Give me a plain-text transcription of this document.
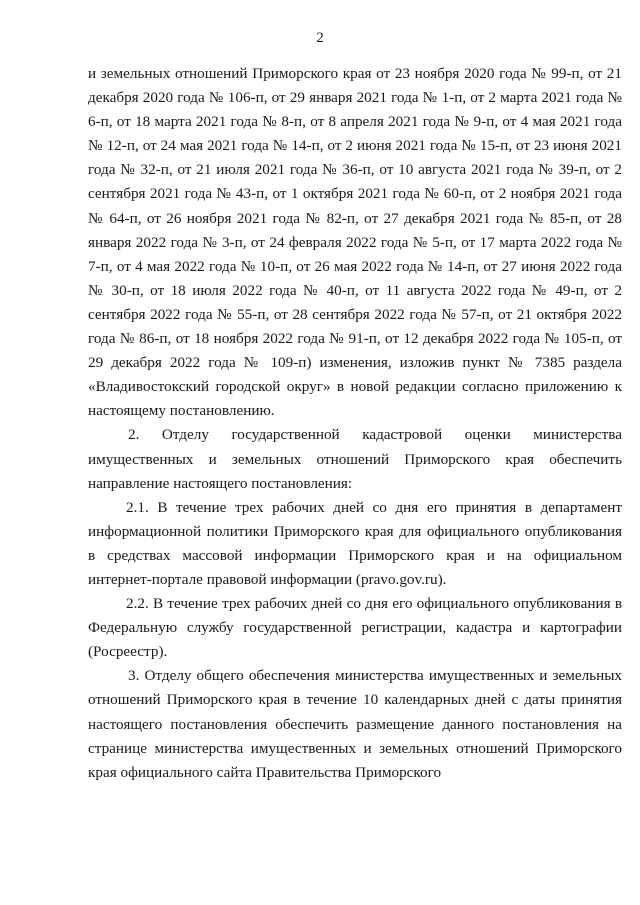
2

и земельных отношений Приморского края от 23 ноября 2020 года № 99-п, от 21 декабря 2020 года № 106-п, от 29 января 2021 года № 1-п, от 2 марта 2021 года № 6-п, от 18 марта 2021 года № 8-п, от 8 апреля 2021 года № 9-п, от 4 мая 2021 года № 12-п, от 24 мая 2021 года № 14-п, от 2 июня 2021 года № 15-п, от 23 июня 2021 года № 32-п, от 21 июля 2021 года № 36-п, от 10 августа 2021 года № 39-п, от 2 сентября 2021 года № 43-п, от 1 октября 2021 года № 60-п, от 2 ноября 2021 года № 64-п, от 26 ноября 2021 года № 82-п, от 27 декабря 2021 года № 85-п, от 28 января 2022 года № 3-п, от 24 февраля 2022 года № 5-п, от 17 марта 2022 года № 7-п, от 4 мая 2022 года № 10-п, от 26 мая 2022 года № 14-п, от 27 июня 2022 года № 30-п, от 18 июля 2022 года № 40-п, от 11 августа 2022 года № 49-п, от 2 сентября 2022 года № 55-п, от 28 сентября 2022 года № 57-п, от 21 октября 2022 года № 86-п, от 18 ноября 2022 года № 91-п, от 12 декабря 2022 года № 105-п, от 29 декабря 2022 года № 109-п) изменения, изложив пункт № 7385 раздела «Владивостокский городской округ» в новой редакции согласно приложению к настоящему постановлению.

2. Отделу государственной кадастровой оценки министерства имущественных и земельных отношений Приморского края обеспечить направление настоящего постановления:

2.1. В течение трех рабочих дней со дня его принятия в департамент информационной политики Приморского края для официального опубликования в средствах массовой информации Приморского края и на официальном интернет-портале правовой информации (pravo.gov.ru).

2.2. В течение трех рабочих дней со дня его официального опубликования в Федеральную службу государственной регистрации, кадастра и картографии (Росреестр).

3. Отделу общего обеспечения министерства имущественных и земельных отношений Приморского края в течение 10 календарных дней с даты принятия настоящего постановления обеспечить размещение данного постановления на странице министерства имущественных и земельных отношений Приморского края официального сайта Правительства Приморского
